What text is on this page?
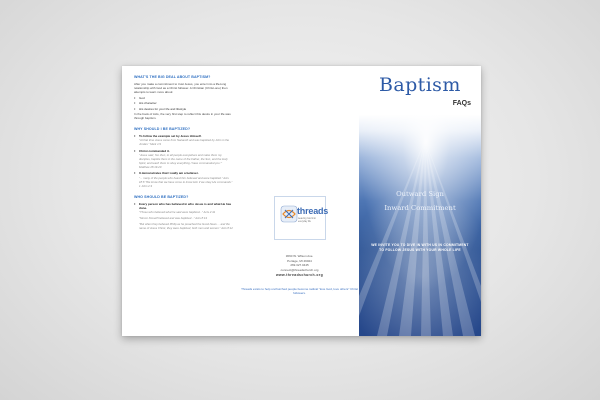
WHAT'S THE BIG DEAL ABOUT BAPTISM?
After you make a commitment to trust Jesus, you enter into a life-long relationship with God as a Christ follower. A Christian (Christ-one) then attempts to learn more about:
•	God
•	His character
•	His desires for your life and lifestyle
In the book of Acts, the very first step to reflect this desire in your life was through baptism.
WHY SHOULD I BE BAPTIZED?
•	To follow the example set by Jesus Himself.
"At that time Jesus came from Nazareth and was baptized by John in the Jordan." Mark 1:9
•	Christ commanded it.
"Jesus said, 'Go then, to all people everywhere and make them my disciples, baptize them in the name of the Father, the Son, and the Holy Spirit, and teach them to obey everything I have commanded you.'" Matthew 28:19-20
•	It demonstrates that I really am a believer.
"... many of the people who heard him believed and were baptized." Acts 18:8 "We know that we have come to know Him if we obey His commands." 1 John 2:3
WHO SHOULD BE BAPTIZED?
•	Every person who has believed in who Jesus is and what He has done.
"Those who believed what he said were baptized..." Acts 2:41
"Simon himself believed and was baptized..." Acts 8:13
"But when they believed Philip as he preached the Good News ... and the name of Jesus Christ, they were baptized, both men and women." Acts 8:12
threads
weaving God into everyday life
3660 W. Wilson Ave.
Portage, MI 49024
269.327.0445
connect@threadschurch.org
www.threadschurch.org
Threads exists to help unchurched people become radical "love God, love others" Christ followers.
Baptism
FAQs
Outward Sign
Inward Commitment
WE INVITE YOU TO DIVE IN WITH US IN COMMITMENT TO FOLLOW JESUS WITH YOUR WHOLE LIFE
